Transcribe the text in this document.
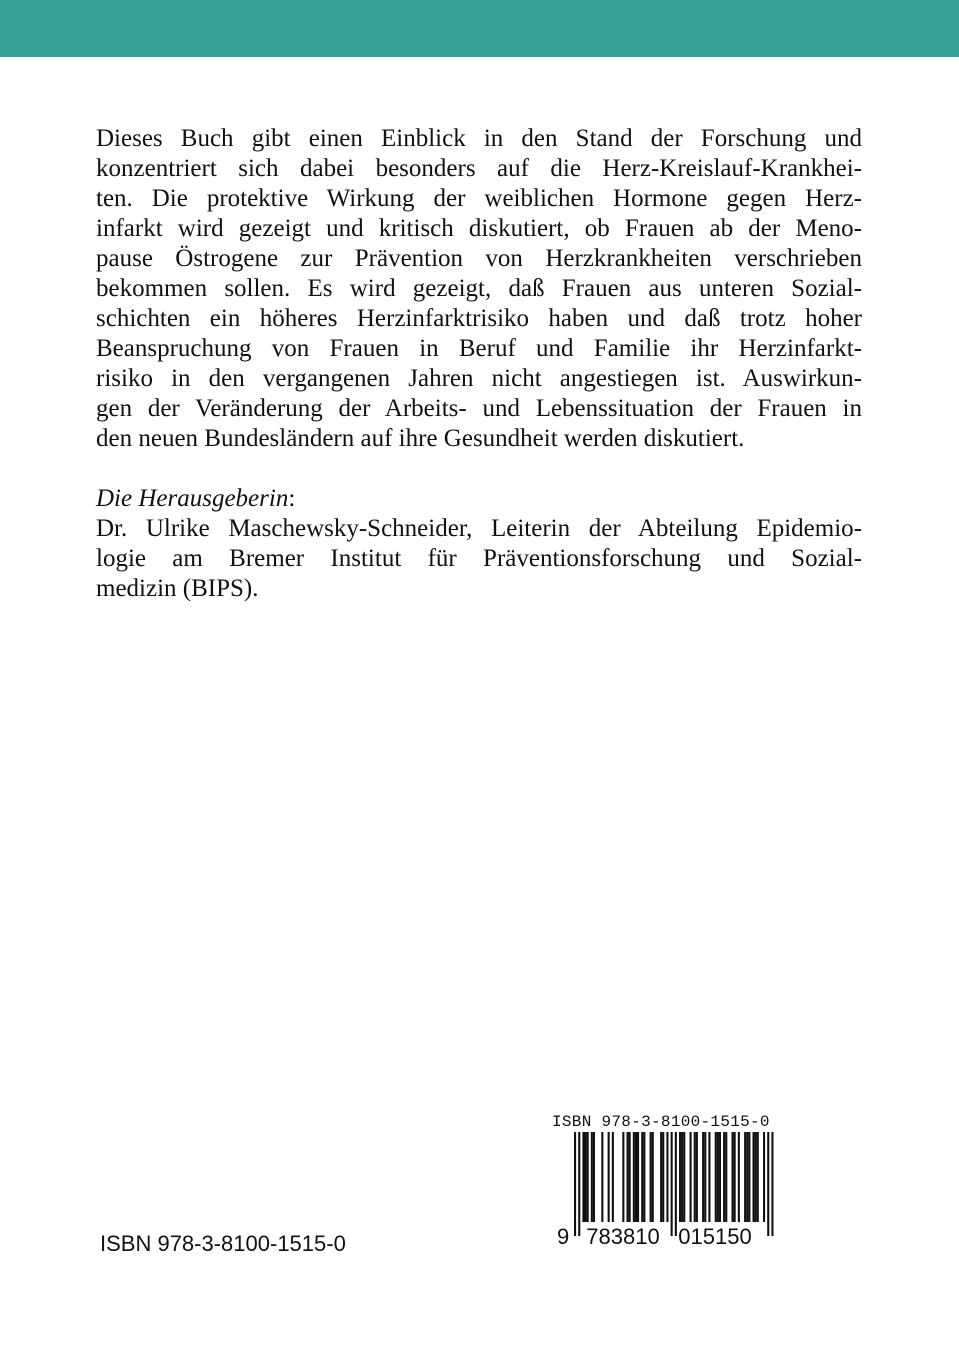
Dieses Buch gibt einen Einblick in den Stand der Forschung und
konzentriert sich dabei besonders auf die Herz-Kreislauf-Krankhei-
ten. Die protektive Wirkung der weiblichen Hormone gegen Herz-
infarkt wird gezeigt und kritisch diskutiert, ob Frauen ab der Meno-
pause Östrogene zur Prävention von Herzkrankheiten verschrieben
bekommen sollen. Es wird gezeigt, daß Frauen aus unteren Sozial-
schichten ein höheres Herzinfarktrisiko haben und daß trotz hoher
Beanspruchung von Frauen in Beruf und Familie ihr Herzinfarkt-
risiko in den vergangenen Jahren nicht angestiegen ist. Auswirkun-
gen der Veränderung der Arbeits- und Lebenssituation der Frauen in
den neuen Bundesländern auf ihre Gesundheit werden diskutiert.
Die Herausgeberin:
Dr. Ulrike Maschewsky-Schneider, Leiterin der Abteilung Epidemio-
logie am Bremer Institut für Präventionsforschung und Sozial-
medizin (BIPS).
ISBN 978-3-8100-1515-0
9 783810 015150
ISBN 978-3-8100-1515-0
